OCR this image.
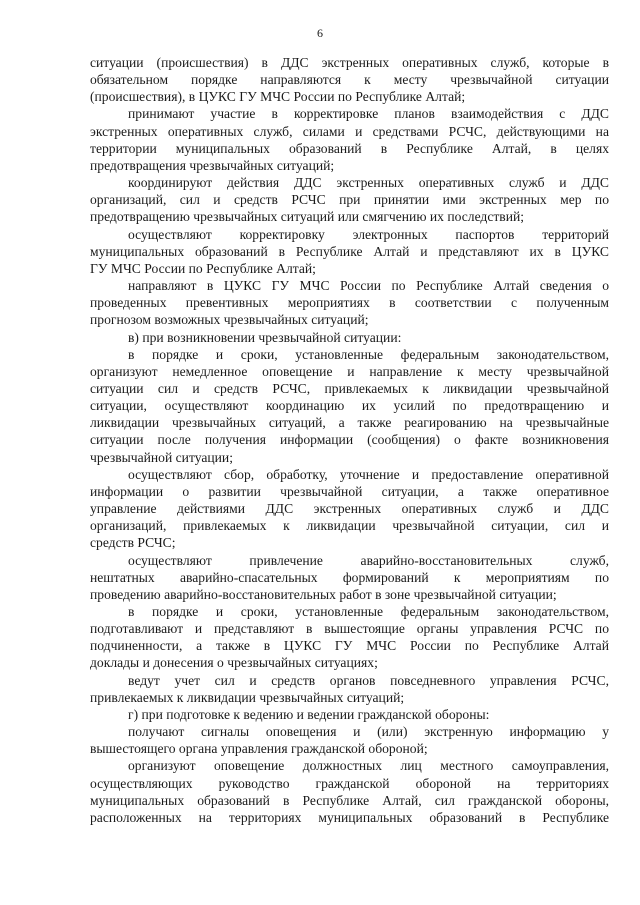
6
ситуации (происшествия) в ДДС экстренных оперативных служб, которые в
обязательном порядке направляются к месту чрезвычайной ситуации
(происшествия), в ЦУКС ГУ МЧС России по Республике Алтай;
принимают участие в корректировке планов взаимодействия с ДДС
экстренных оперативных служб, силами и средствами РСЧС, действующими на
территории муниципальных образований в Республике Алтай, в целях
предотвращения чрезвычайных ситуаций;
координируют действия ДДС экстренных оперативных служб и ДДС
организаций, сил и средств РСЧС при принятии ими экстренных мер по
предотвращению чрезвычайных ситуаций или смягчению их последствий;
осуществляют корректировку электронных паспортов территорий
муниципальных образований в Республике Алтай и представляют их в ЦУКС
ГУ МЧС России по Республике Алтай;
направляют в ЦУКС ГУ МЧС России по Республике Алтай сведения о
проведенных превентивных мероприятиях в соответствии с полученным
прогнозом возможных чрезвычайных ситуаций;
в) при возникновении чрезвычайной ситуации:
в порядке и сроки, установленные федеральным законодательством,
организуют немедленное оповещение и направление к месту чрезвычайной
ситуации сил и средств РСЧС, привлекаемых к ликвидации чрезвычайной
ситуации, осуществляют координацию их усилий по предотвращению и
ликвидации чрезвычайных ситуаций, а также реагированию на чрезвычайные
ситуации после получения информации (сообщения) о факте возникновения
чрезвычайной ситуации;
осуществляют сбор, обработку, уточнение и предоставление оперативной
информации о развитии чрезвычайной ситуации, а также оперативное
управление действиями ДДС экстренных оперативных служб и ДДС
организаций, привлекаемых к ликвидации чрезвычайной ситуации, сил и
средств РСЧС;
осуществляют привлечение аварийно-восстановительных служб,
нештатных аварийно-спасательных формирований к мероприятиям по
проведению аварийно-восстановительных работ в зоне чрезвычайной ситуации;
в порядке и сроки, установленные федеральным законодательством,
подготавливают и представляют в вышестоящие органы управления РСЧС по
подчиненности, а также в ЦУКС ГУ МЧС России по Республике Алтай
доклады и донесения о чрезвычайных ситуациях;
ведут учет сил и средств органов повседневного управления РСЧС,
привлекаемых к ликвидации чрезвычайных ситуаций;
г) при подготовке к ведению и ведении гражданской обороны:
получают сигналы оповещения и (или) экстренную информацию у
вышестоящего органа управления гражданской обороной;
организуют оповещение должностных лиц местного самоуправления,
осуществляющих руководство гражданской обороной на территориях
муниципальных образований в Республике Алтай, сил гражданской обороны,
расположенных на территориях муниципальных образований в Республике
